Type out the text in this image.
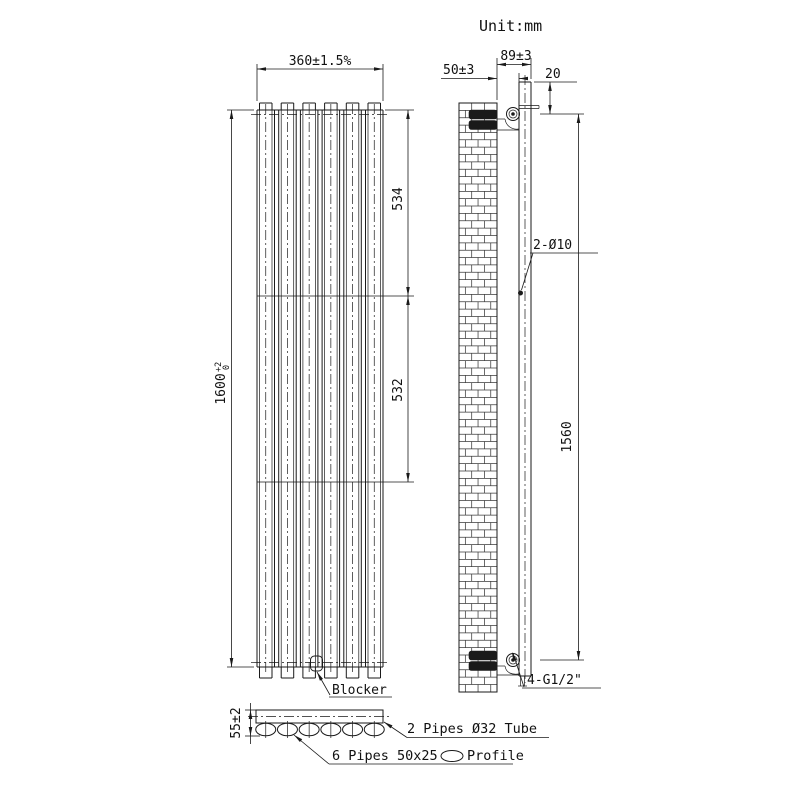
360±1.5%
1600
+2
0
534
532
Blocker
89±3
50±3	20
1560
2-Ø10
4-G1/2"
55±2	2 Pipes Ø32 Tube
6 Pipes 50x25 Profile
Unit:mm
